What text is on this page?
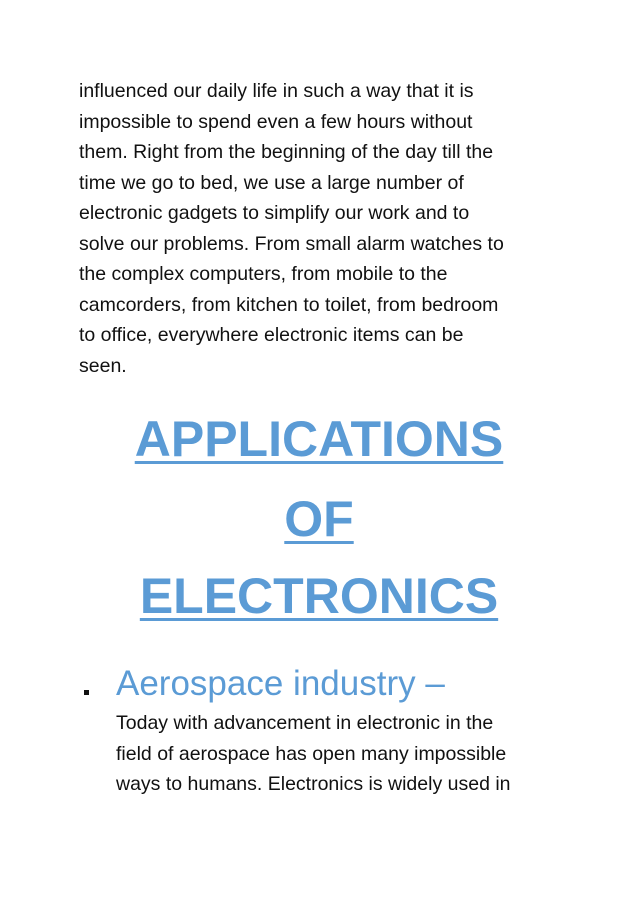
influenced our daily life in such a way that it is
impossible to spend even a few hours without
them. Right from the beginning of the day till the
time we go to bed, we use a large number of
electronic gadgets to simplify our work and to
solve our problems. From small alarm watches to
the complex computers, from mobile to the
camcorders, from kitchen to toilet, from bedroom
to office, everywhere electronic items can be
seen.

APPLICATIONS
OF
ELECTRONICS
Aerospace industry –

Today with advancement in electronic in the
field of aerospace has open many impossible
ways to humans. Electronics is widely used in
